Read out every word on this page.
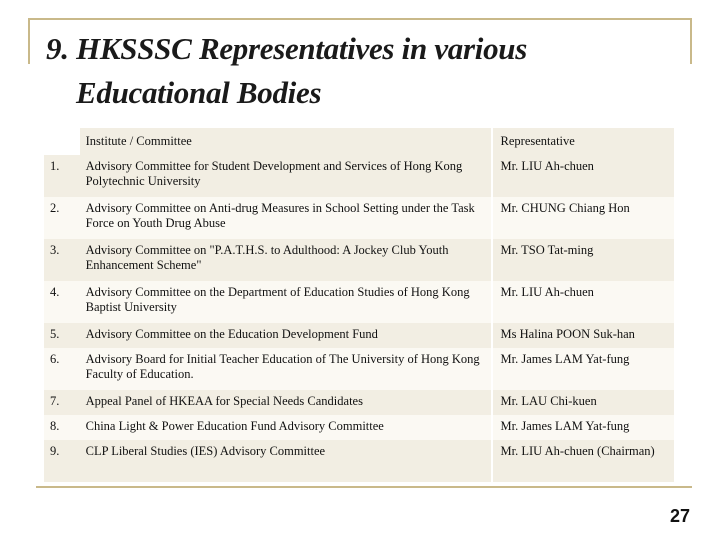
9. HKSSSC Representatives in various
Educational Bodies
	Institute / Committee	Representative
1.	Advisory Committee for Student Development and Services of Hong Kong Polytechnic University	Mr. LIU Ah-chuen
2.	Advisory Committee on Anti-drug Measures in School Setting under the Task Force on Youth Drug Abuse	Mr. CHUNG Chiang Hon
3.	Advisory Committee on "P.A.T.H.S. to Adulthood: A Jockey Club Youth Enhancement Scheme"	Mr. TSO Tat-ming
4.	Advisory Committee on the Department of Education Studies of Hong Kong Baptist University	Mr. LIU Ah-chuen
5.	Advisory Committee on the Education Development Fund	Ms Halina POON Suk-han
6.	Advisory Board for Initial Teacher Education of The University of Hong Kong Faculty of Education.	Mr. James LAM Yat-fung
7.	Appeal Panel of HKEAA for Special Needs Candidates	Mr. LAU Chi-kuen
8.	China Light & Power Education Fund Advisory Committee	Mr. James LAM Yat-fung
9.	CLP Liberal Studies (IES) Advisory Committee	Mr. LIU Ah-chuen (Chairman)
27
